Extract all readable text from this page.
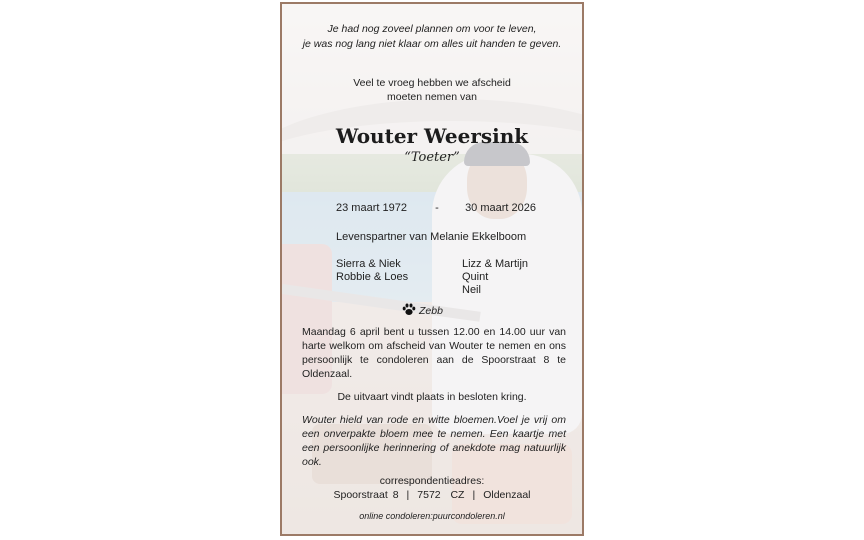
Je had nog zoveel plannen om voor te leven,
je was nog lang niet klaar om alles uit handen te geven.
Veel te vroeg hebben we afscheid
moeten nemen van
Wouter Weersink
“Toeter”
23 maart 1972	- 30 maart 2026
Levenspartner van Melanie Ekkelboom
Sierra & Niek
Robbie & Loes
Lizz & Martijn
Quint
Neil
Zebb
Maandag 6 april bent u tussen 12.00 en 14.00 uur van harte welkom om afscheid van Wouter te nemen en ons persoonlijk te condoleren aan de Spoorstraat 8 te Oldenzaal.
De uitvaart vindt plaats in besloten kring.
Wouter hield van rode en witte bloemen.Voel je vrij om een onverpakte bloem mee te nemen. Een kaartje met een persoonlijke herinnering of anekdote mag natuurlijk ook.
correspondentieadres:
Spoorstraat 8 | 7572  CZ | Oldenzaal
online condoleren:puurcondoleren.nl
